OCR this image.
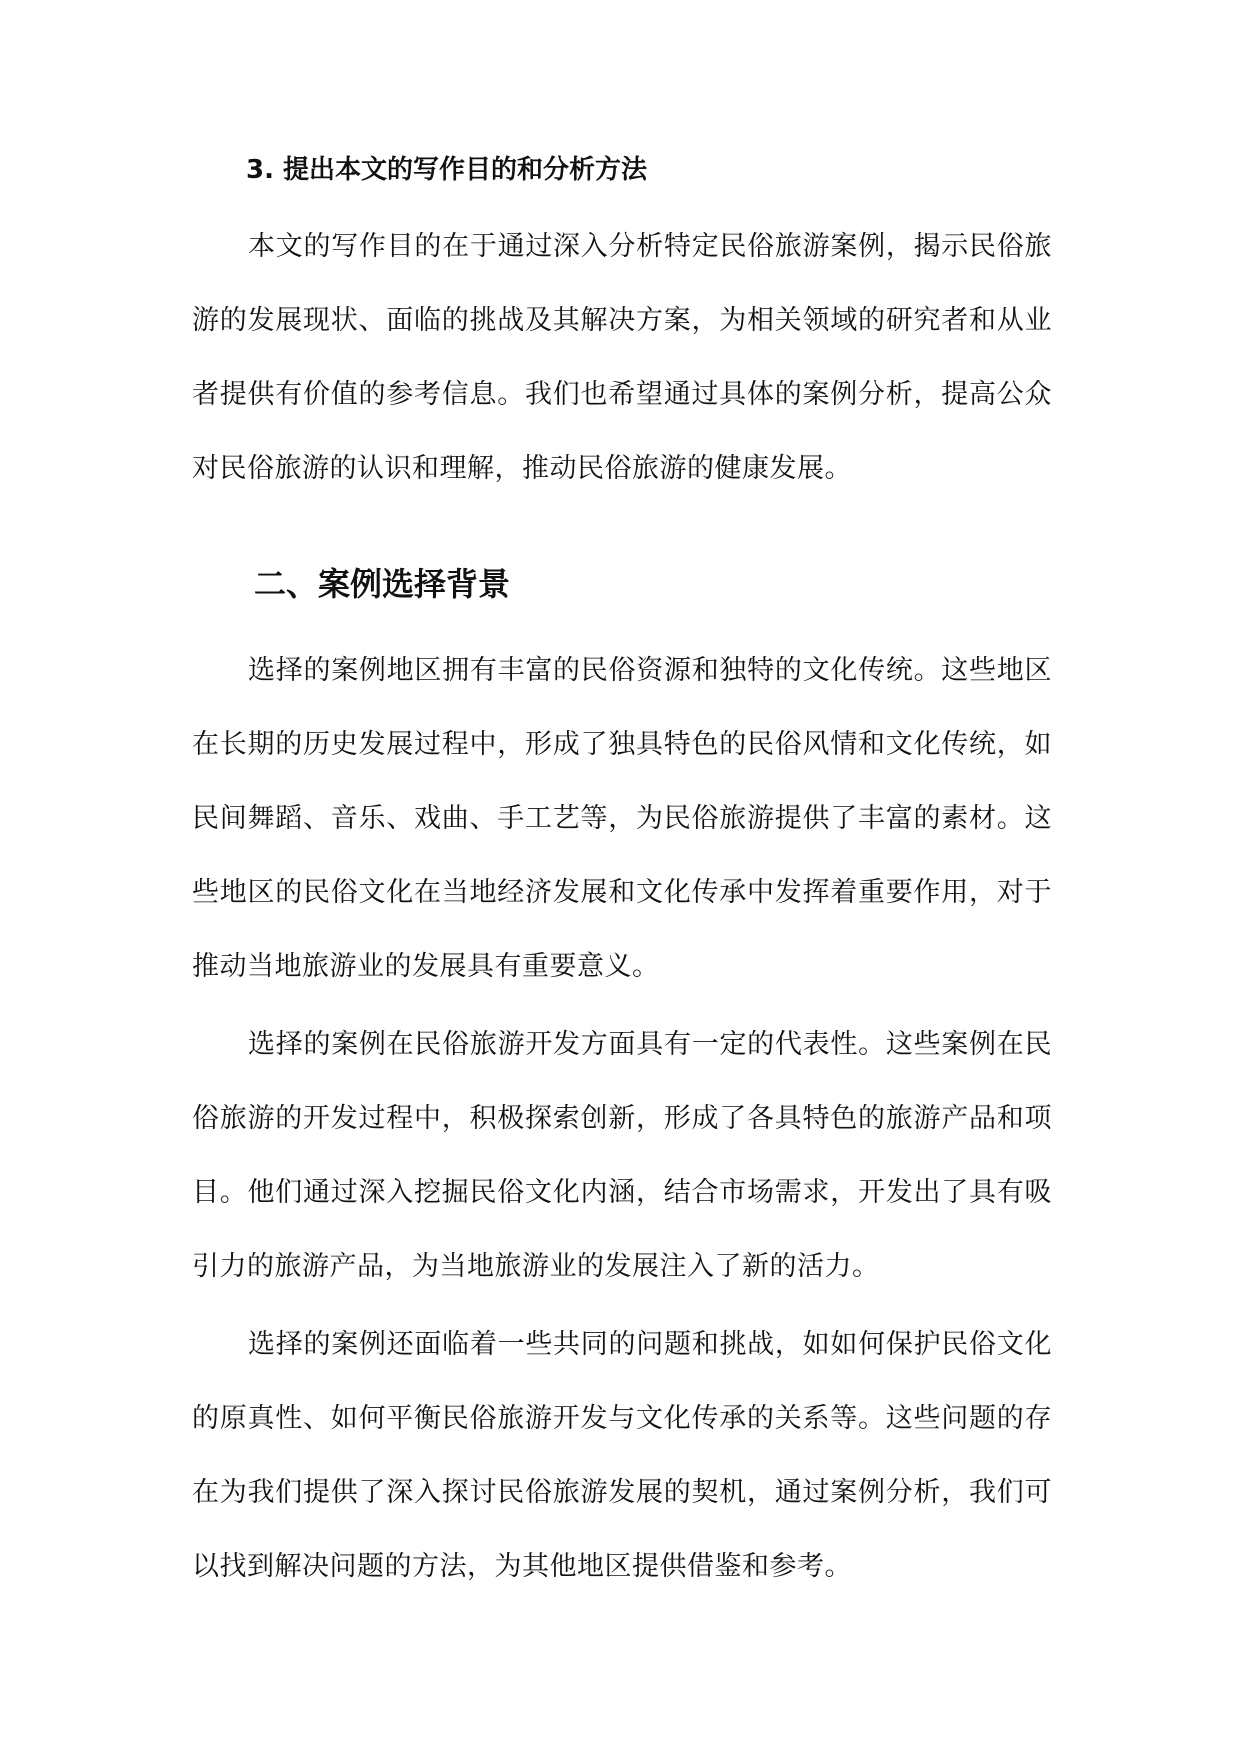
3. 提出本文的写作目的和分析方法

本文的写作目的在于通过深入分析特定民俗旅游案例，揭示民俗旅游的发展现状、面临的挑战及其解决方案，为相关领域的研究者和从业者提供有价值的参考信息。我们也希望通过具体的案例分析，提高公众对民俗旅游的认识和理解，推动民俗旅游的健康发展。

二、案例选择背景

选择的案例地区拥有丰富的民俗资源和独特的文化传统。这些地区在长期的历史发展过程中，形成了独具特色的民俗风情和文化传统，如民间舞蹈、音乐、戏曲、手工艺等，为民俗旅游提供了丰富的素材。这些地区的民俗文化在当地经济发展和文化传承中发挥着重要作用，对于推动当地旅游业的发展具有重要意义。

选择的案例在民俗旅游开发方面具有一定的代表性。这些案例在民俗旅游的开发过程中，积极探索创新，形成了各具特色的旅游产品和项目。他们通过深入挖掘民俗文化内涵，结合市场需求，开发出了具有吸引力的旅游产品，为当地旅游业的发展注入了新的活力。

选择的案例还面临着一些共同的问题和挑战，如如何保护民俗文化的原真性、如何平衡民俗旅游开发与文化传承的关系等。这些问题的存在为我们提供了深入探讨民俗旅游发展的契机，通过案例分析，我们可以找到解决问题的方法，为其他地区提供借鉴和参考。
